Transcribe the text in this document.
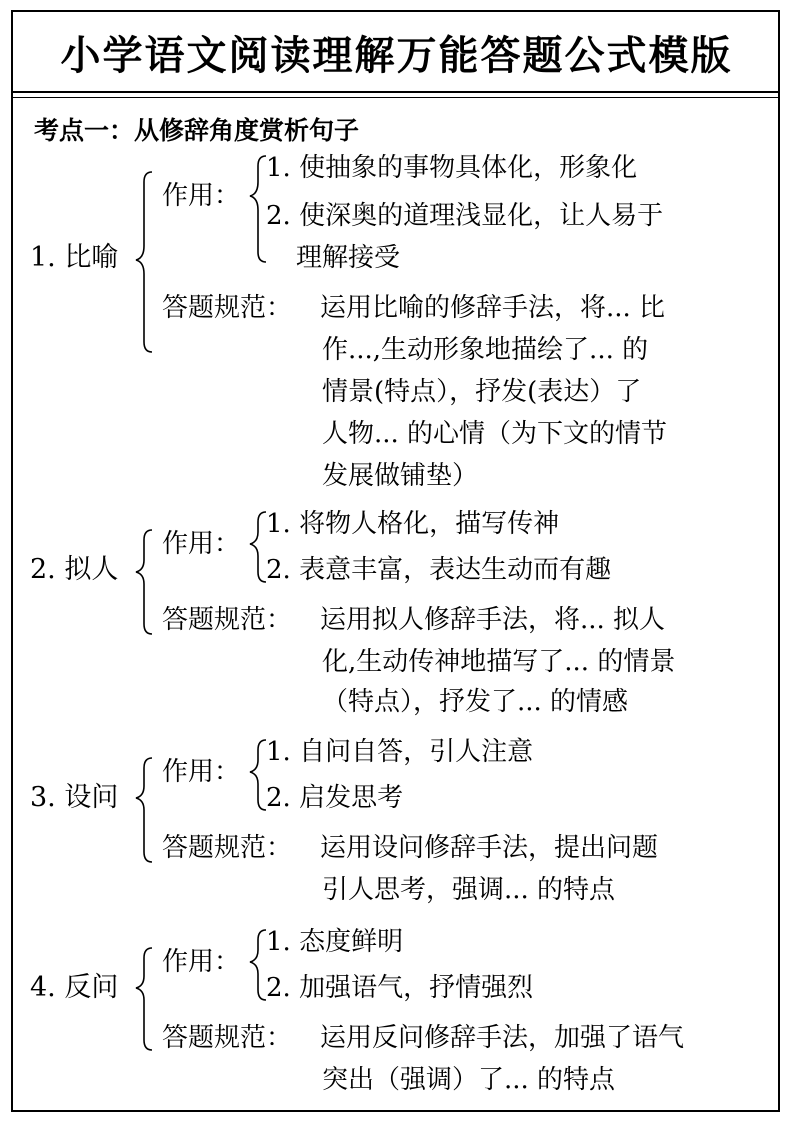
小学语文阅读理解万能答题公式模版
考点一：从修辞角度赏析句子
1. 比喻
作用：
1. 使抽象的事物具体化，形象化
2. 使深奥的道理浅显化，让人易于
理解接受
答题规范： 运用比喻的修辞手法，将... 比
作...,生动形象地描绘了... 的
情景(特点），抒发(表达）了
人物... 的心情（为下文的情节
发展做铺垫）
2. 拟人
作用：
1. 将物人格化，描写传神
2. 表意丰富，表达生动而有趣
答题规范： 运用拟人修辞手法，将... 拟人
化,生动传神地描写了... 的情景
（特点），抒发了... 的情感
3. 设问
作用：
1. 自问自答，引人注意
2. 启发思考
答题规范： 运用设问修辞手法，提出问题
引人思考，强调... 的特点
4. 反问
作用：
1. 态度鲜明
2. 加强语气，抒情强烈
答题规范： 运用反问修辞手法，加强了语气
突出（强调）了... 的特点
